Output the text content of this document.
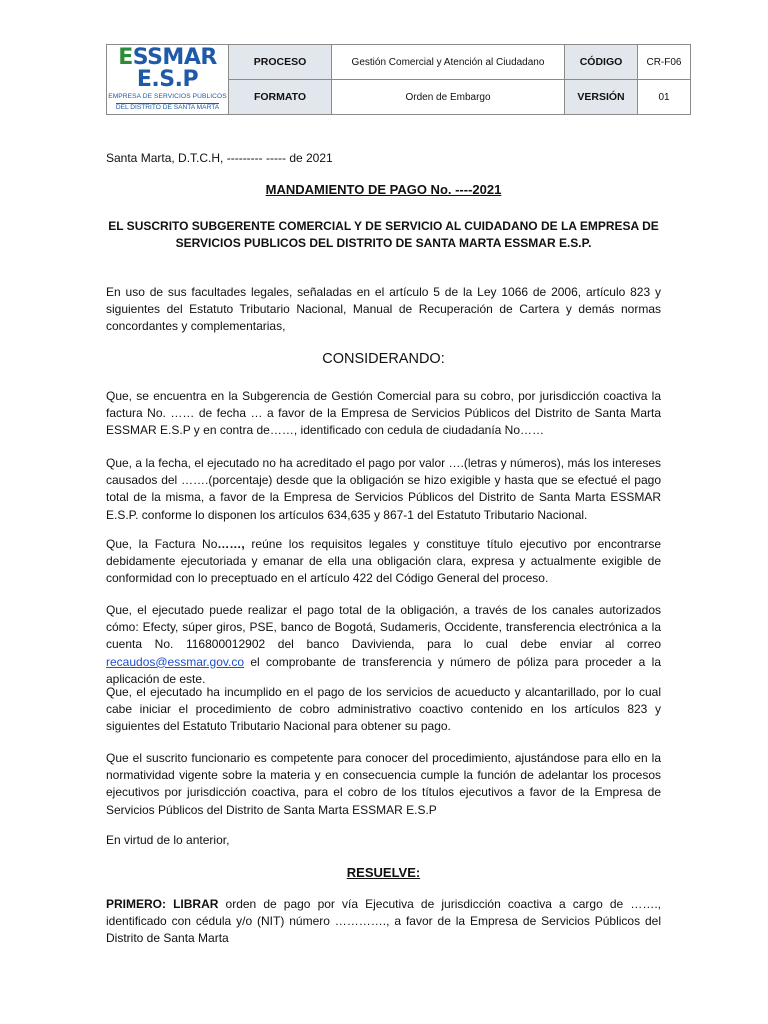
ESSMAR E.S.P
EMPRESA DE SERVICIOS PUBLICOS
DEL DISTRITO DE SANTA MARTA	PROCESO	Gestión Comercial y Atención al Ciudadano	CÓDIGO	CR-F06
	FORMATO	Orden de Embargo	VERSIÓN	01
Santa Marta, D.T.C.H, --------- ----- de 2021
MANDAMIENTO DE PAGO No. ----2021
EL SUSCRITO SUBGERENTE COMERCIAL Y DE SERVICIO AL CUIDADANO DE LA EMPRESA DE SERVICIOS PUBLICOS DEL DISTRITO DE SANTA MARTA ESSMAR E.S.P.
En uso de sus facultades legales, señaladas en el artículo 5 de la Ley 1066 de 2006, artículo 823 y siguientes del Estatuto Tributario Nacional, Manual de Recuperación de Cartera y demás normas concordantes y complementarias,
CONSIDERANDO:
Que, se encuentra en la Subgerencia de Gestión Comercial para su cobro, por jurisdicción coactiva la factura No. …… de fecha … a favor de la Empresa de Servicios Públicos del Distrito de Santa Marta ESSMAR E.S.P y en contra de……, identificado con cedula de ciudadanía No……
Que, a la fecha, el ejecutado no ha acreditado el pago por valor ….(letras y números), más los intereses causados del …….(porcentaje) desde que la obligación se hizo exigible y hasta que se efectué el pago total de la misma, a favor de la Empresa de Servicios Públicos del Distrito de Santa Marta ESSMAR E.S.P. conforme lo disponen los artículos 634,635 y 867-1 del Estatuto Tributario Nacional.
Que, la Factura No……, reúne los requisitos legales y constituye título ejecutivo por encontrarse debidamente ejecutoriada y emanar de ella una obligación clara, expresa y actualmente exigible de conformidad con lo preceptuado en el artículo 422 del Código General del proceso.
Que, el ejecutado puede realizar el pago total de la obligación, a través de los canales autorizados cómo: Efecty, súper giros, PSE, banco de Bogotá, Sudameris, Occidente, transferencia electrónica a la cuenta No. 116800012902 del banco Davivienda, para lo cual debe enviar al correo recaudos@essmar.gov.co el comprobante de transferencia y número de póliza para proceder a la aplicación de este.
Que, el ejecutado ha incumplido en el pago de los servicios de acueducto y alcantarillado, por lo cual cabe iniciar el procedimiento de cobro administrativo coactivo contenido en los artículos 823 y siguientes del Estatuto Tributario Nacional para obtener su pago.
Que el suscrito funcionario es competente para conocer del procedimiento, ajustándose para ello en la normatividad vigente sobre la materia y en consecuencia cumple la función de adelantar los procesos ejecutivos por jurisdicción coactiva, para el cobro de los títulos ejecutivos a favor de la Empresa de Servicios Públicos del Distrito de Santa Marta ESSMAR E.S.P
En virtud de lo anterior,
RESUELVE:
PRIMERO: LIBRAR orden de pago por vía Ejecutiva de jurisdicción coactiva a cargo de ……., identificado con cédula y/o (NIT) número …………., a favor de la Empresa de Servicios Públicos del Distrito de Santa Marta
